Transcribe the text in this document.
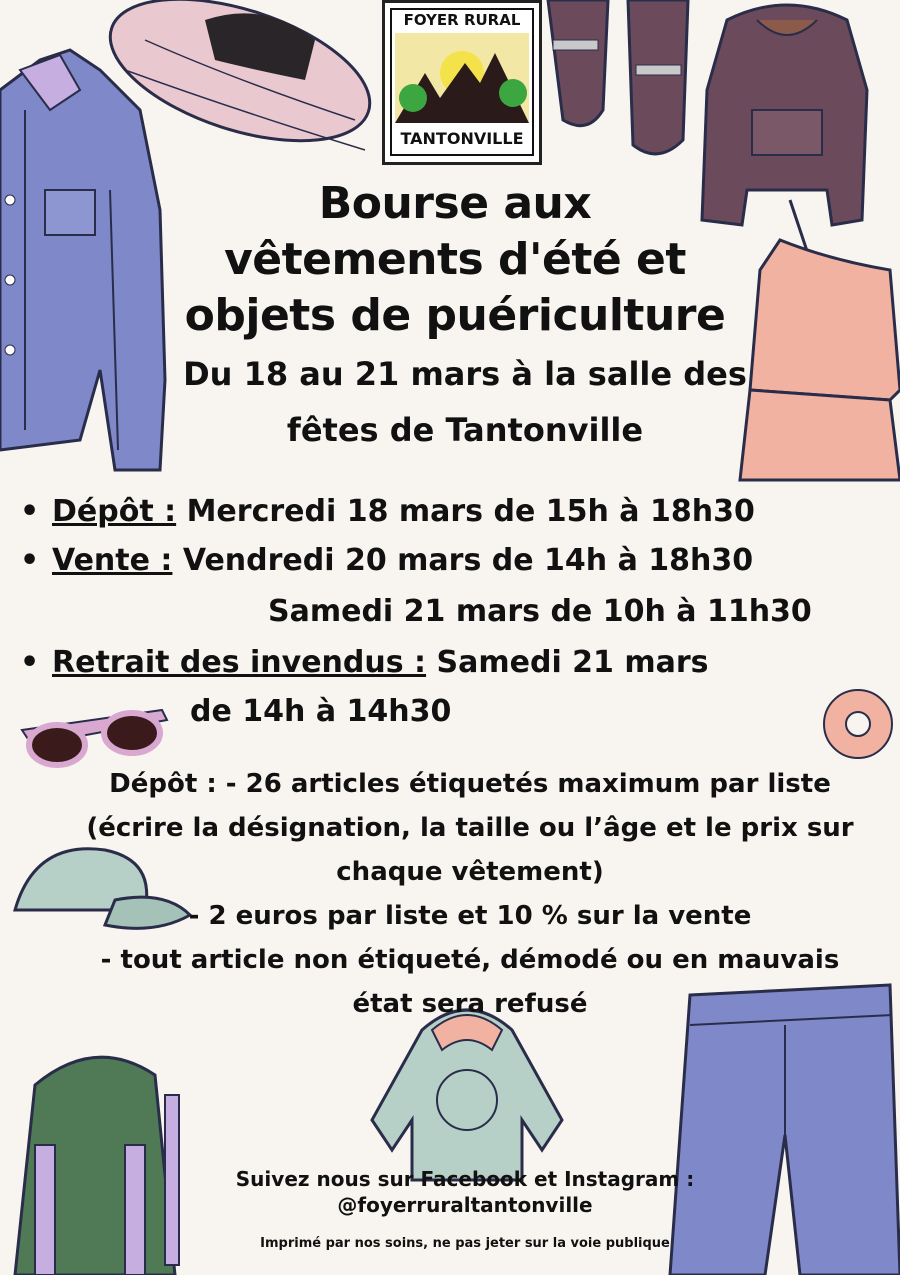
FOYER RURAL
TANTONVILLE
Bourse aux
vêtements d'été et
objets de puériculture
Du 18 au 21 mars à la salle des
fêtes de Tantonville
• Dépôt : Mercredi 18 mars de 15h à 18h30
• Vente : Vendredi 20 mars de 14h à 18h30
Samedi 21 mars de 10h à 11h30
• Retrait des invendus : Samedi 21 mars
de 14h à 14h30
Dépôt : - 26 articles étiquetés maximum par liste
(écrire la désignation, la taille ou l’âge et le prix sur
chaque vêtement)
- 2 euros par liste et 10 % sur la vente
- tout article non étiqueté, démodé ou en mauvais
état sera refusé
Suivez nous sur Facebook et Instagram :
@foyerruraltantonville
Imprimé par nos soins, ne pas jeter sur la voie publique
